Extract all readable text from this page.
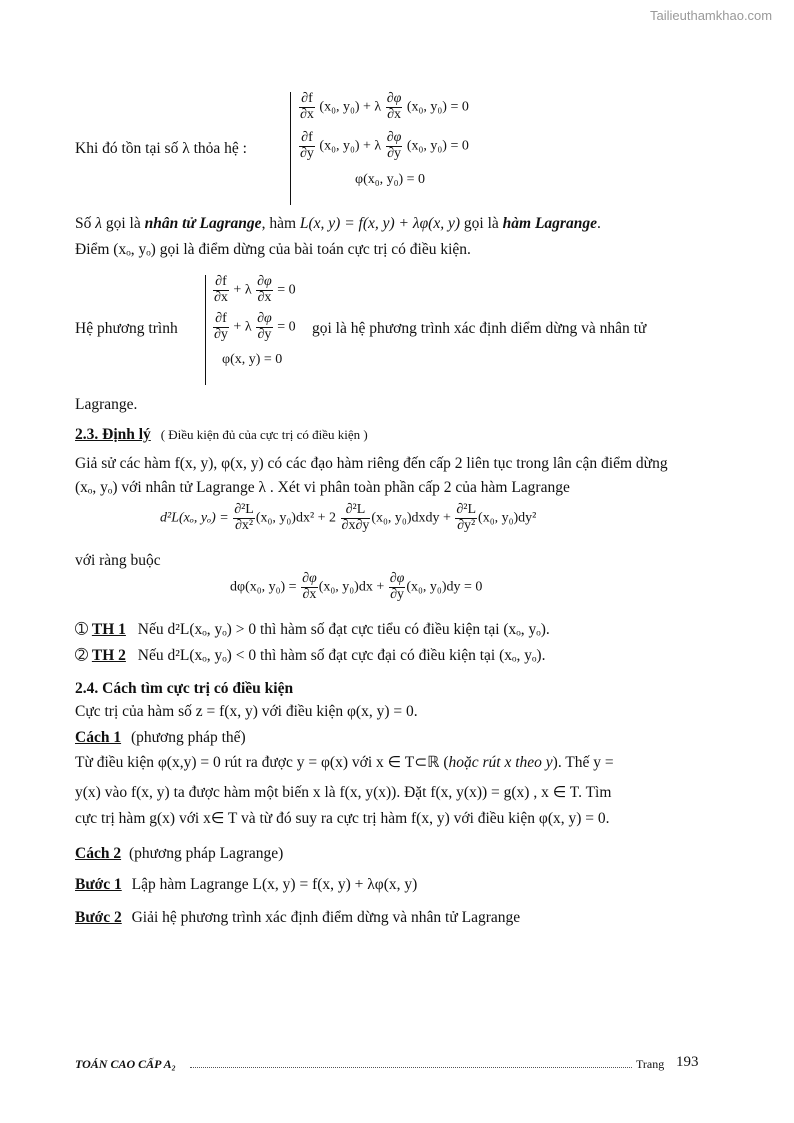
Tailieuthamkhao.com
Khi đó tồn tại số λ thỏa hệ :
$\frac{\partial f}{\partial x} (x_0$, y₀) + λ $\frac{\partial\varphi}{\partial x} (x_0$, y₀) = 0
$\frac{\partial f}{\partial y} (x_0$, y₀) + λ $\frac{\partial\varphi}{\partial y} (x_0$, y₀) = 0
φ(x₀, y₀) = 0
Số λ gọi là nhân tử Lagrange, hàm L(x, y) = f(x, y) + λφ(x, y) gọi là hàm Lagrange.
Điểm (xₒ, yₒ) gọi là điểm dừng của bài toán cực trị có điều kiện.
$\frac{\partial f}{\partial x} + \lambda \frac{\partial\varphi}{\partial x} = 0$
$\frac{\partial f}{\partial y} + \lambda \frac{\partial\varphi}{\partial y} = 0$
φ(x, y) = 0
Hệ phương trình	gọi là hệ phương trình xác định diểm dừng và nhân tử
Lagrange.
2.3. Định lý ( Điều kiện đủ của cực trị có điều kiện )
Giả sử các hàm f(x, y), φ(x, y) có các đạo hàm riêng đến cấp 2 liên tục trong lân cận điểm dừng
(xₒ, yₒ) với nhân tử Lagrange λ . Xét vi phân toàn phần cấp 2 của hàm Lagrange
d²L(xₒ, $y_o) = \frac{\text{∂²L}}{\text{∂x²}} (x_0$, $y_0)dx^2 + 2 \frac{\text{∂²L}}{\partial x\partial y} (x_0$, y₀)dxdy + $\frac{\text{∂²L}}{\text{∂y²}} (x_0$, y₀)dy²
với ràng buộc
dφ(x₀, $y_0) = \frac{\partial\varphi}{\partial x} (x_0$, $y_0)dx + \frac{\partial\varphi}{\partial y} (x_0$, y₀)dy = 0
➀ TH 1 Nếu d²L(xₒ, yₒ) > 0 thì hàm số đạt cực tiểu có điều kiện tại (xₒ, yₒ).
➁ TH 2 Nếu d²L(xₒ, yₒ) < 0 thì hàm số đạt cực đại có điều kiện tại (xₒ, yₒ).
2.4. Cách tìm cực trị có điều kiện
Cực trị của hàm số z = f(x, y) với điều kiện φ(x, y) = 0.
Cách 1 (phương pháp thế)
Từ điều kiện φ(x,y) = 0 rút ra được y = φ(x) với x ∈ T⊂ℝ (hoặc rút x theo y). Thế y =
y(x) vào f(x, y) ta được hàm một biến x là f(x, y(x)). Đặt f(x, y(x)) = g(x) , x ∈ T. Tìm
cực trị hàm g(x) với x∈ T và từ đó suy ra cực trị hàm f(x, y) với điều kiện φ(x, y) = 0.
Cách 2 (phương pháp Lagrange)
Bước 1 Lập hàm Lagrange L(x, y) = f(x, y) + λφ(x, y)
Bước 2 Giải hệ phương trình xác định điểm dừng và nhân tử Lagrange
TOÁN CAO CẤP A₂	Trang 193
